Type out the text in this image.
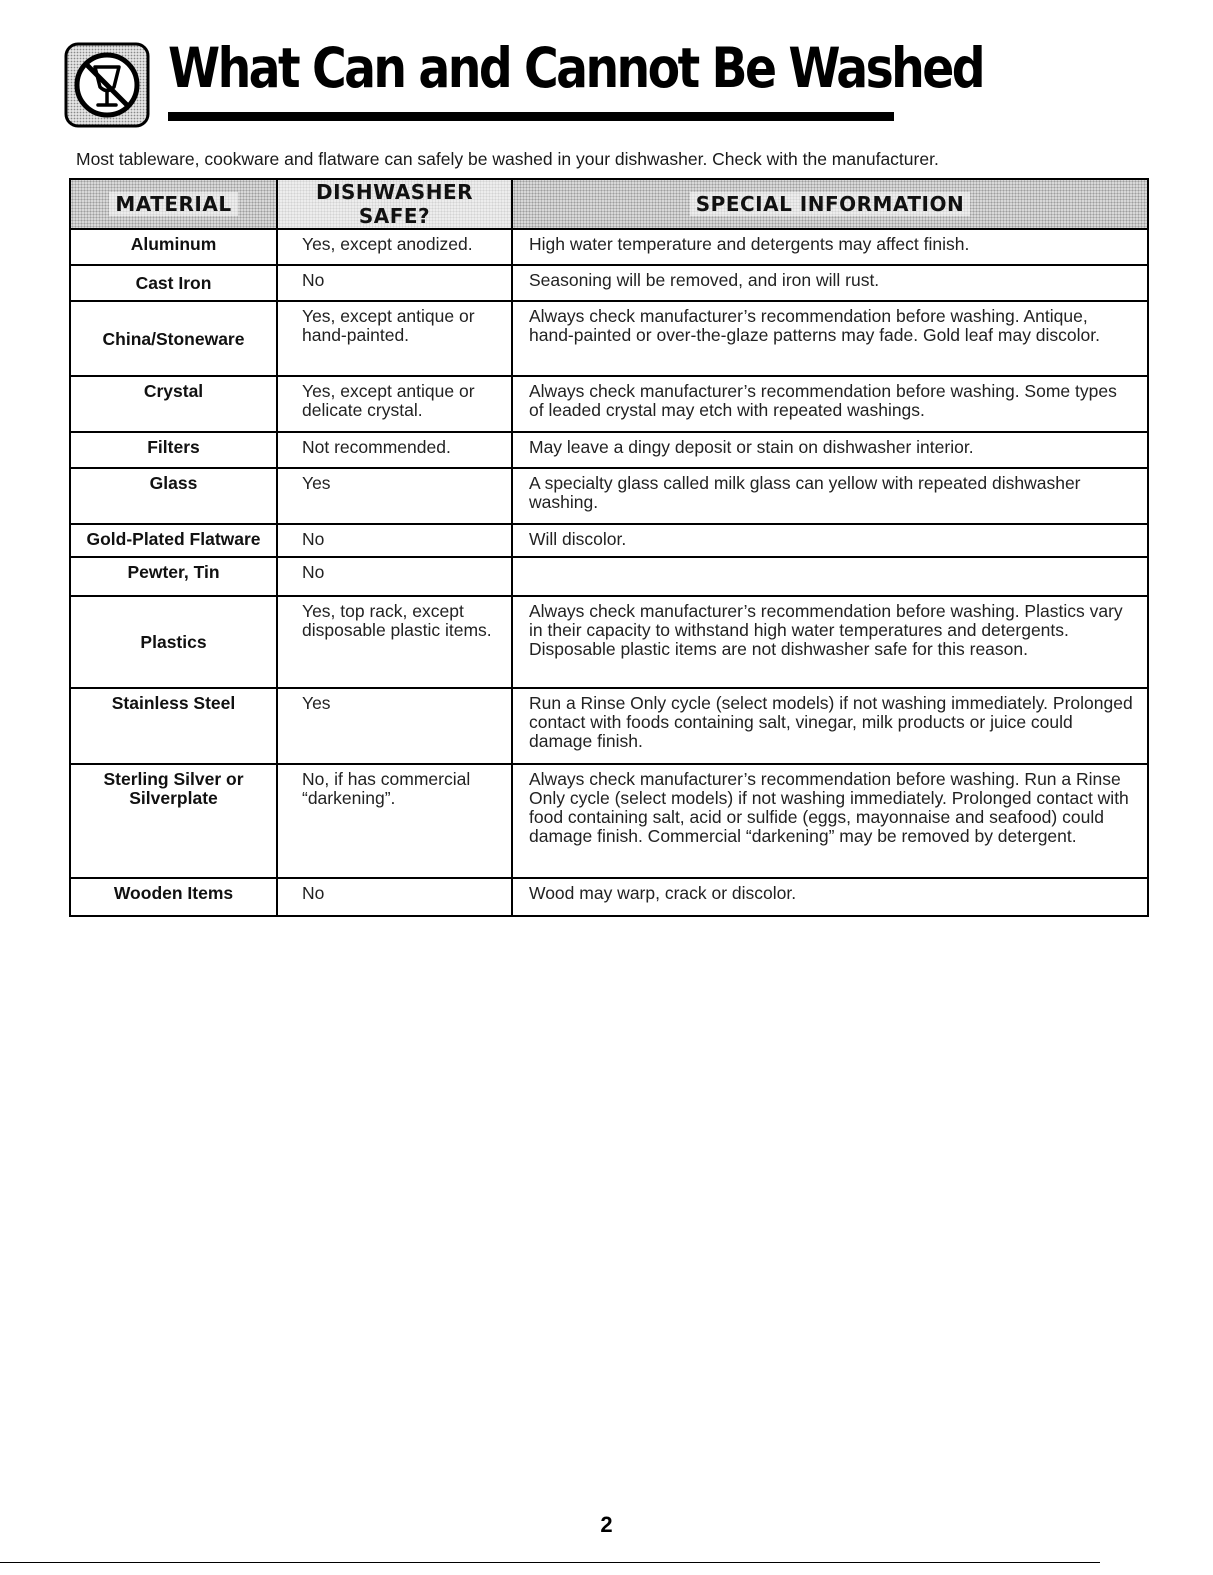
What Can and Cannot Be Washed

Most tableware, cookware and flatware can safely be washed in your dishwasher. Check with the manufacturer.

MATERIAL	DISHWASHER SAFE?	SPECIAL INFORMATION
Aluminum	Yes, except anodized.	High water temperature and detergents may affect finish.
Cast Iron	No	Seasoning will be removed, and iron will rust.
China/Stoneware	Yes, except antique or hand-painted.	Always check manufacturer’s recommendation before washing. Antique, hand-painted or over-the-glaze patterns may fade. Gold leaf may discolor.
Crystal	Yes, except antique or delicate crystal.	Always check manufacturer’s recommendation before washing. Some types of leaded crystal may etch with repeated washings.
Filters	Not recommended.	May leave a dingy deposit or stain on dishwasher interior.
Glass	Yes	A specialty glass called milk glass can yellow with repeated dishwasher washing.
Gold-Plated Flatware	No	Will discolor.
Pewter, Tin	No	
Plastics	Yes, top rack, except disposable plastic items.	Always check manufacturer’s recommendation before washing. Plastics vary in their capacity to withstand high water temperatures and detergents. Disposable plastic items are not dishwasher safe for this reason.
Stainless Steel	Yes	Run a Rinse Only cycle (select models) if not washing immediately. Prolonged contact with foods containing salt, vinegar, milk products or juice could damage finish.
Sterling Silver or Silverplate	No, if has commercial “darkening”.	Always check manufacturer’s recommendation before washing. Run a Rinse Only cycle (select models) if not washing immediately. Prolonged contact with food containing salt, acid or sulfide (eggs, mayonnaise and seafood) could damage finish. Commercial “darkening” may be removed by detergent.
Wooden Items	No	Wood may warp, crack or discolor.

2
